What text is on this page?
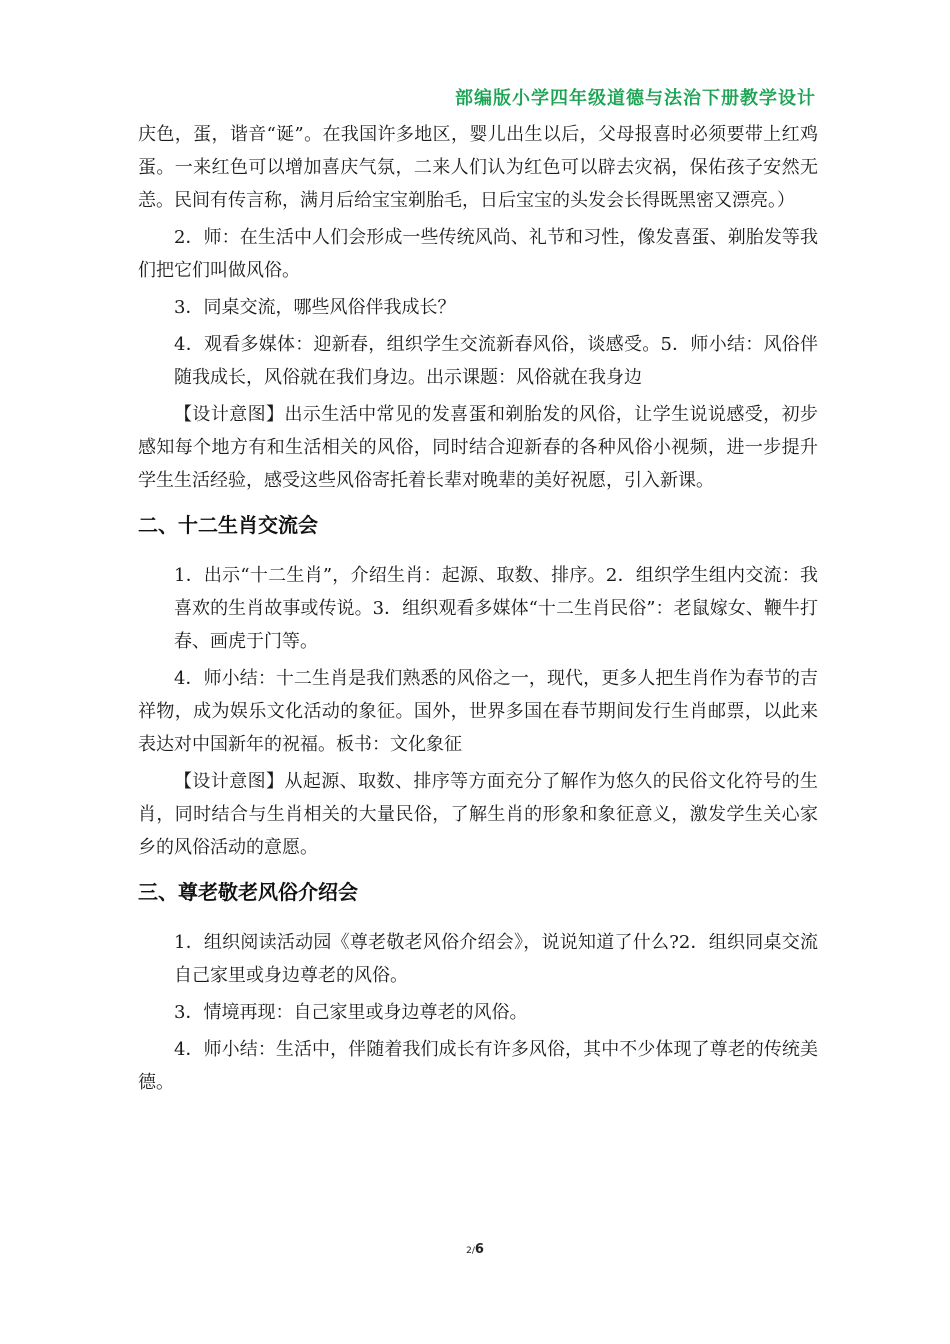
部编版小学四年级道德与法治下册教学设计

庆色，蛋，谐音“诞”。在我国许多地区，婴儿出生以后，父母报喜时必须要带上红鸡蛋。一来红色可以增加喜庆气氛，二来人们认为红色可以辟去灾祸，保佑孩子安然无恙。民间有传言称，满月后给宝宝剃胎毛，日后宝宝的头发会长得既黑密又漂亮。）

2．师：在生活中人们会形成一些传统风尚、礼节和习性，像发喜蛋、剃胎发等我们把它们叫做风俗。

3．同桌交流，哪些风俗伴我成长？

4．观看多媒体：迎新春，组织学生交流新春风俗，谈感受。5．师小结：风俗伴随我成长，风俗就在我们身边。出示课题：风俗就在我身边

【设计意图】出示生活中常见的发喜蛋和剃胎发的风俗，让学生说说感受，初步感知每个地方有和生活相关的风俗，同时结合迎新春的各种风俗小视频，进一步提升学生生活经验，感受这些风俗寄托着长辈对晚辈的美好祝愿，引入新课。

二、十二生肖交流会

1．出示“十二生肖”，介绍生肖：起源、取数、排序。2．组织学生组内交流：我喜欢的生肖故事或传说。3．组织观看多媒体“十二生肖民俗”：老鼠嫁女、鞭牛打春、画虎于门等。

4．师小结：十二生肖是我们熟悉的风俗之一，现代，更多人把生肖作为春节的吉祥物，成为娱乐文化活动的象征。国外，世界多国在春节期间发行生肖邮票，以此来表达对中国新年的祝福。板书：文化象征

【设计意图】从起源、取数、排序等方面充分了解作为悠久的民俗文化符号的生肖，同时结合与生肖相关的大量民俗，了解生肖的形象和象征意义，激发学生关心家乡的风俗活动的意愿。

三、尊老敬老风俗介绍会

1．组织阅读活动园《尊老敬老风俗介绍会》，说说知道了什么?2．组织同桌交流自己家里或身边尊老的风俗。

3．情境再现：自己家里或身边尊老的风俗。

4．师小结：生活中，伴随着我们成长有许多风俗，其中不少体现了尊老的传统美德。

2/6
